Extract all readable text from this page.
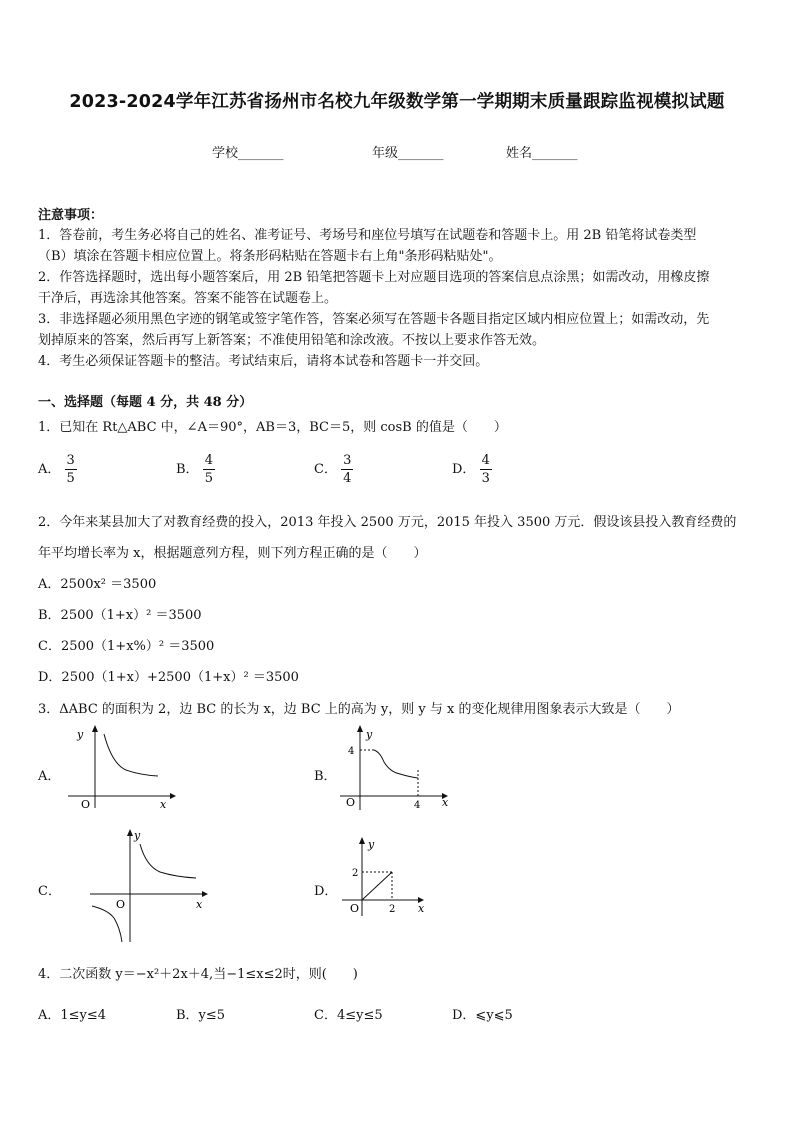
2023-2024学年江苏省扬州市名校九年级数学第一学期期末质量跟踪监视模拟试题
学校_______	年级_______	姓名_______
注意事项：
1．答卷前，考生务必将自己的姓名、准考证号、考场号和座位号填写在试题卷和答题卡上。用 2B 铅笔将试卷类型
（B）填涂在答题卡相应位置上。将条形码粘贴在答题卡右上角"条形码粘贴处"。
2．作答选择题时，选出每小题答案后，用 2B 铅笔把答题卡上对应题目选项的答案信息点涂黑；如需改动，用橡皮擦
干净后，再选涂其他答案。答案不能答在试题卷上。
3．非选择题必须用黑色字迹的钢笔或签字笔作答，答案必须写在答题卡各题目指定区域内相应位置上；如需改动，先
划掉原来的答案，然后再写上新答案；不准使用铅笔和涂改液。不按以上要求作答无效。
4．考生必须保证答题卡的整洁。考试结束后，请将本试卷和答题卡一并交回。
一、选择题（每题 4 分，共 48 分）
1．已知在 Rt△ABC 中，∠A＝90°，AB＝3，BC＝5，则 cosB 的值是（　　）
A． $\frac{3}{5}$	B． $\frac{4}{5}$	C． $\frac{3}{4}$	D． $\frac{4}{3}$
2．今年来某县加大了对教育经费的投入，2013 年投入 2500 万元，2015 年投入 3500 万元．假设该县投入教育经费的
年平均增长率为 x，根据题意列方程，则下列方程正确的是（　　）
A．2500x² ＝3500
B．2500（1+x）² ＝3500
C．2500（1+x%）² ＝3500
D．2500（1+x）+2500（1+x）² ＝3500
3．ΔABC 的面积为 2，边 BC 的长为 x，边 BC 上的高为 y，则 y 与 x 的变化规律用图象表示大致是（　　）
A．	B．
C．	D．
O	x
y
4
4
O	x
y
O	x
y
2
2
O	x
y
4．二次函数 y＝−x²＋2x＋4,当−1≤x≤2时，则(　　)
A．1≤y≤4	B．y≤5	C．4≤y≤5	D．⩽y⩽5
